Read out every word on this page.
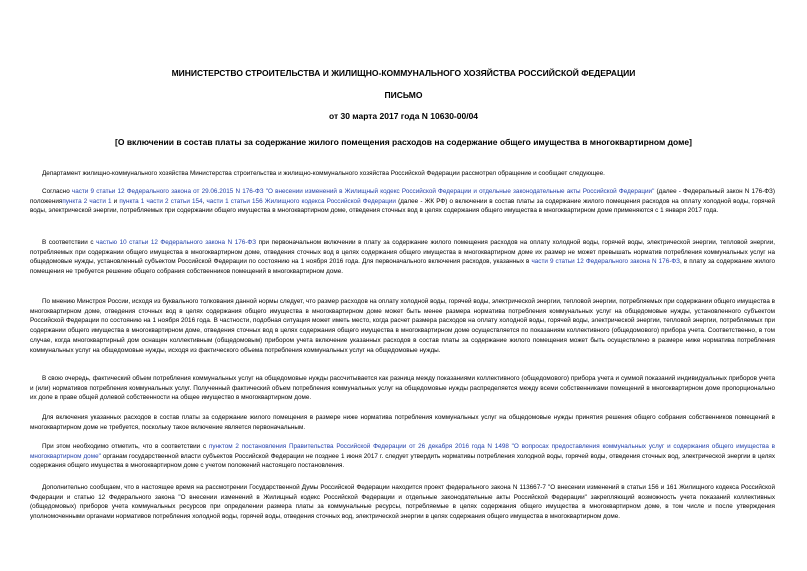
МИНИСТЕРСТВО СТРОИТЕЛЬСТВА И ЖИЛИЩНО-КОММУНАЛЬНОГО ХОЗЯЙСТВА РОССИЙСКОЙ ФЕДЕРАЦИИ
ПИСЬМО
от 30 марта 2017 года N 10630-00/04
[О включении в состав платы за содержание жилого помещения расходов на содержание общего имущества в многоквартирном доме]
Департамент жилищно-коммунального хозяйства Министерства строительства и жилищно-коммунального хозяйства Российской Федерации рассмотрел обращение и сообщает следующее.
Согласно части 9 статьи 12 Федерального закона от 29.06.2015 N 176-ФЗ "О внесении изменений в Жилищный кодекс Российской Федерации и отдельные законодательные акты Российской Федерации" (далее - Федеральный закон N 176-ФЗ) положенияпункта 2 части 1 и пункта 1 части 2 статьи 154, части 1 статьи 156 Жилищного кодекса Российской Федерации (далее - ЖК РФ) о включении в состав платы за содержание жилого помещения расходов на оплату холодной воды, горячей воды, электрической энергии, потребляемых при содержании общего имущества в многоквартирном доме, отведения сточных вод в целях содержания общего имущества в многоквартирном доме применяются с 1 января 2017 года.
В соответствии с частью 10 статьи 12 Федерального закона N 176-ФЗ при первоначальном включении в плату за содержание жилого помещения расходов на оплату холодной воды, горячей воды, электрической энергии, тепловой энергии, потребляемых при содержании общего имущества в многоквартирном доме, отведения сточных вод в целях содержания общего имущества в многоквартирном доме их размер не может превышать норматив потребления коммунальных услуг на общедомовые нужды, установленный субъектом Российской Федерации по состоянию на 1 ноября 2016 года. Для первоначального включения расходов, указанных в части 9 статьи 12 Федерального закона N 176-ФЗ, в плату за содержание жилого помещения не требуется решение общего собрания собственников помещений в многоквартирном доме.
По мнению Минстроя России, исходя из буквального толкования данной нормы следует, что размер расходов на оплату холодной воды, горячей воды, электрической энергии, тепловой энергии, потребляемых при содержании общего имущества в многоквартирном доме, отведения сточных вод в целях содержания общего имущества в многоквартирном доме может быть менее размера норматива потребления коммунальных услуг на общедомовые нужды, установленного субъектом Российской Федерации по состоянию на 1 ноября 2016 года. В частности, подобная ситуация может иметь место, когда расчет размера расходов на оплату холодной воды, горячей воды, электрической энергии, тепловой энергии, потребляемых при содержании общего имущества в многоквартирном доме, отведения сточных вод в целях содержания общего имущества в многоквартирном доме осуществляется по показаниям коллективного (общедомового) прибора учета. Соответственно, в том случае, когда многоквартирный дом оснащен коллективным (общедомовым) прибором учета включение указанных расходов в состав платы за содержание жилого помещения может быть осуществлено в размере ниже норматива потребления коммунальных услуг на общедомовые нужды, исходя из фактического объема потребления коммунальных услуг на общедомовые нужды.
В свою очередь, фактический объем потребления коммунальных услуг на общедомовые нужды рассчитывается как разница между показаниями коллективного (общедомового) прибора учета и суммой показаний индивидуальных приборов учета и (или) нормативов потребления коммунальных услуг. Полученный фактический объем потребления коммунальных услуг на общедомовые нужды распределяется между всеми собственниками помещений в многоквартирном доме пропорционально их доле в праве общей долевой собственности на общее имущество в многоквартирном доме.
Для включения указанных расходов в состав платы за содержание жилого помещения в размере ниже норматива потребления коммунальных услуг на общедомовые нужды принятия решения общего собрания собственников помещений в многоквартирном доме не требуется, поскольку такое включение является первоначальным.
При этом необходимо отметить, что в соответствии с пунктом 2 постановления Правительства Российской Федерации от 26 декабря 2016 года N 1498 "О вопросах предоставления коммунальных услуг и содержания общего имущества в многоквартирном доме" органам государственной власти субъектов Российской Федерации не позднее 1 июня 2017 г. следует утвердить нормативы потребления холодной воды, горячей воды, отведения сточных вод, электрической энергии в целях содержания общего имущества в многоквартирном доме с учетом положений настоящего постановления.
Дополнительно сообщаем, что в настоящее время на рассмотрении Государственной Думы Российской Федерации находится проект федерального закона N 113667-7 "О внесении изменений в статьи 156 и 161 Жилищного кодекса Российской Федерации и статью 12 Федерального закона "О внесении изменений в Жилищный кодекс Российской Федерации и отдельные законодательные акты Российской Федерации" закрепляющий возможность учета показаний коллективных (общедомовых) приборов учета коммунальных ресурсов при определении размера платы за коммунальные ресурсы, потребляемые в целях содержания общего имущества в многоквартирном доме, в том числе и после утверждения уполномоченными органами нормативов потребления холодной воды, горячей воды, отведения сточных вод, электрической энергии в целях содержания общего имущества в многоквартирном доме.
